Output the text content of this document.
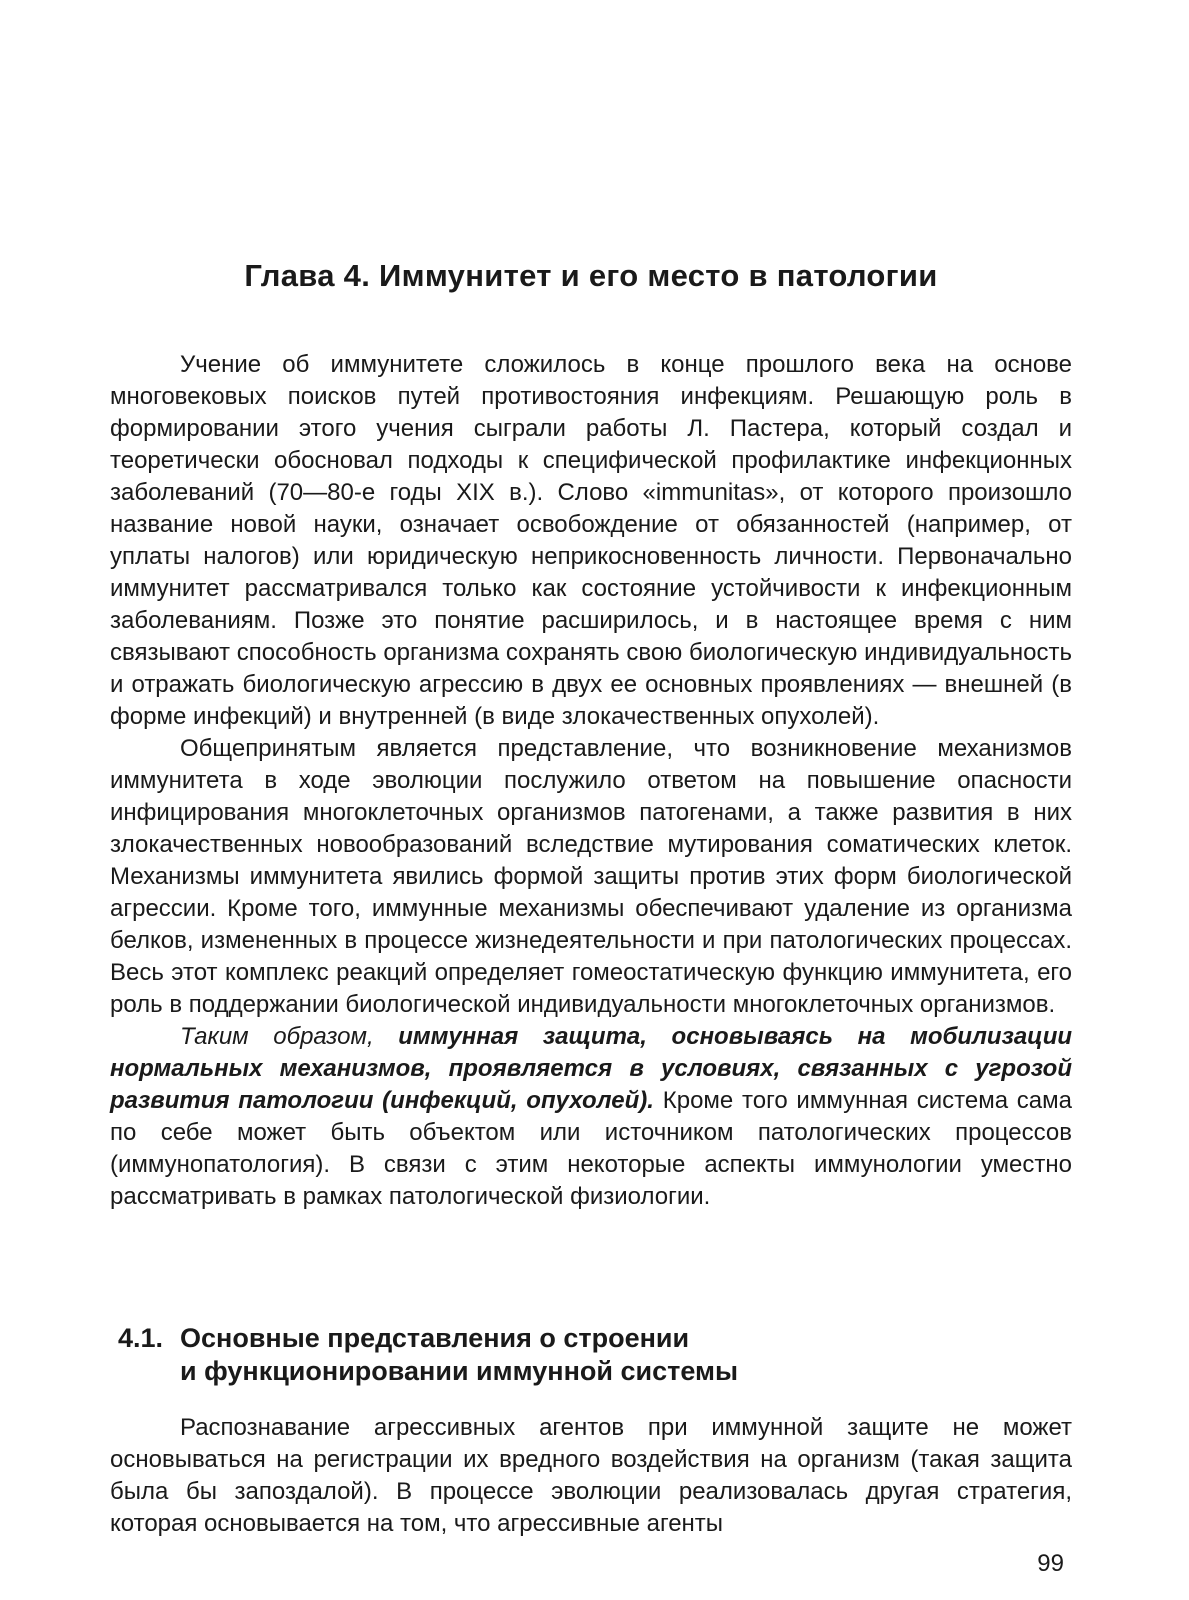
Глава 4. Иммунитет и его место в патологии

Учение об иммунитете сложилось в конце прошлого века на основе многовековых поисков путей противостояния инфекциям. Решающую роль в формировании этого учения сыграли работы Л. Пастера, который создал и теоретически обосновал подходы к специфической профилактике инфекционных заболеваний (70—80-е годы XIX в.). Слово «immunitas», от которого произошло название новой науки, означает освобождение от обязанностей (например, от уплаты налогов) или юридическую неприкосновенность личности. Первоначально иммунитет рассматривался только как состояние устойчивости к инфекционным заболеваниям. Позже это понятие расширилось, и в настоящее время с ним связывают способность организма сохранять свою биологическую индивидуальность и отражать биологическую агрессию в двух ее основных проявлениях — внешней (в форме инфекций) и внутренней (в виде злокачественных опухолей).

Общепринятым является представление, что возникновение механизмов иммунитета в ходе эволюции послужило ответом на повышение опасности инфицирования многоклеточных организмов патогенами, а также развития в них злокачественных новообразований вследствие мутирования соматических клеток. Механизмы иммунитета явились формой защиты против этих форм биологической агрессии. Кроме того, иммунные механизмы обеспечивают удаление из организма белков, измененных в процессе жизнедеятельности и при патологических процессах. Весь этот комплекс реакций определяет гомеостатическую функцию иммунитета, его роль в поддержании биологической индивидуальности многоклеточных организмов.

Таким образом, иммунная защита, основываясь на мобилизации нормальных механизмов, проявляется в условиях, связанных с угрозой развития патологии (инфекций, опухолей). Кроме того иммунная система сама по себе может быть объектом или источником патологических процессов (иммунопатология). В связи с этим некоторые аспекты иммунологии уместно рассматривать в рамках патологической физиологии.

4.1. Основные представления о строении
и функционировании иммунной системы

Распознавание агрессивных агентов при иммунной защите не может основываться на регистрации их вредного воздействия на организм (такая защита была бы запоздалой). В процессе эволюции реализовалась другая стратегия, которая основывается на том, что агрессивные агенты

99
